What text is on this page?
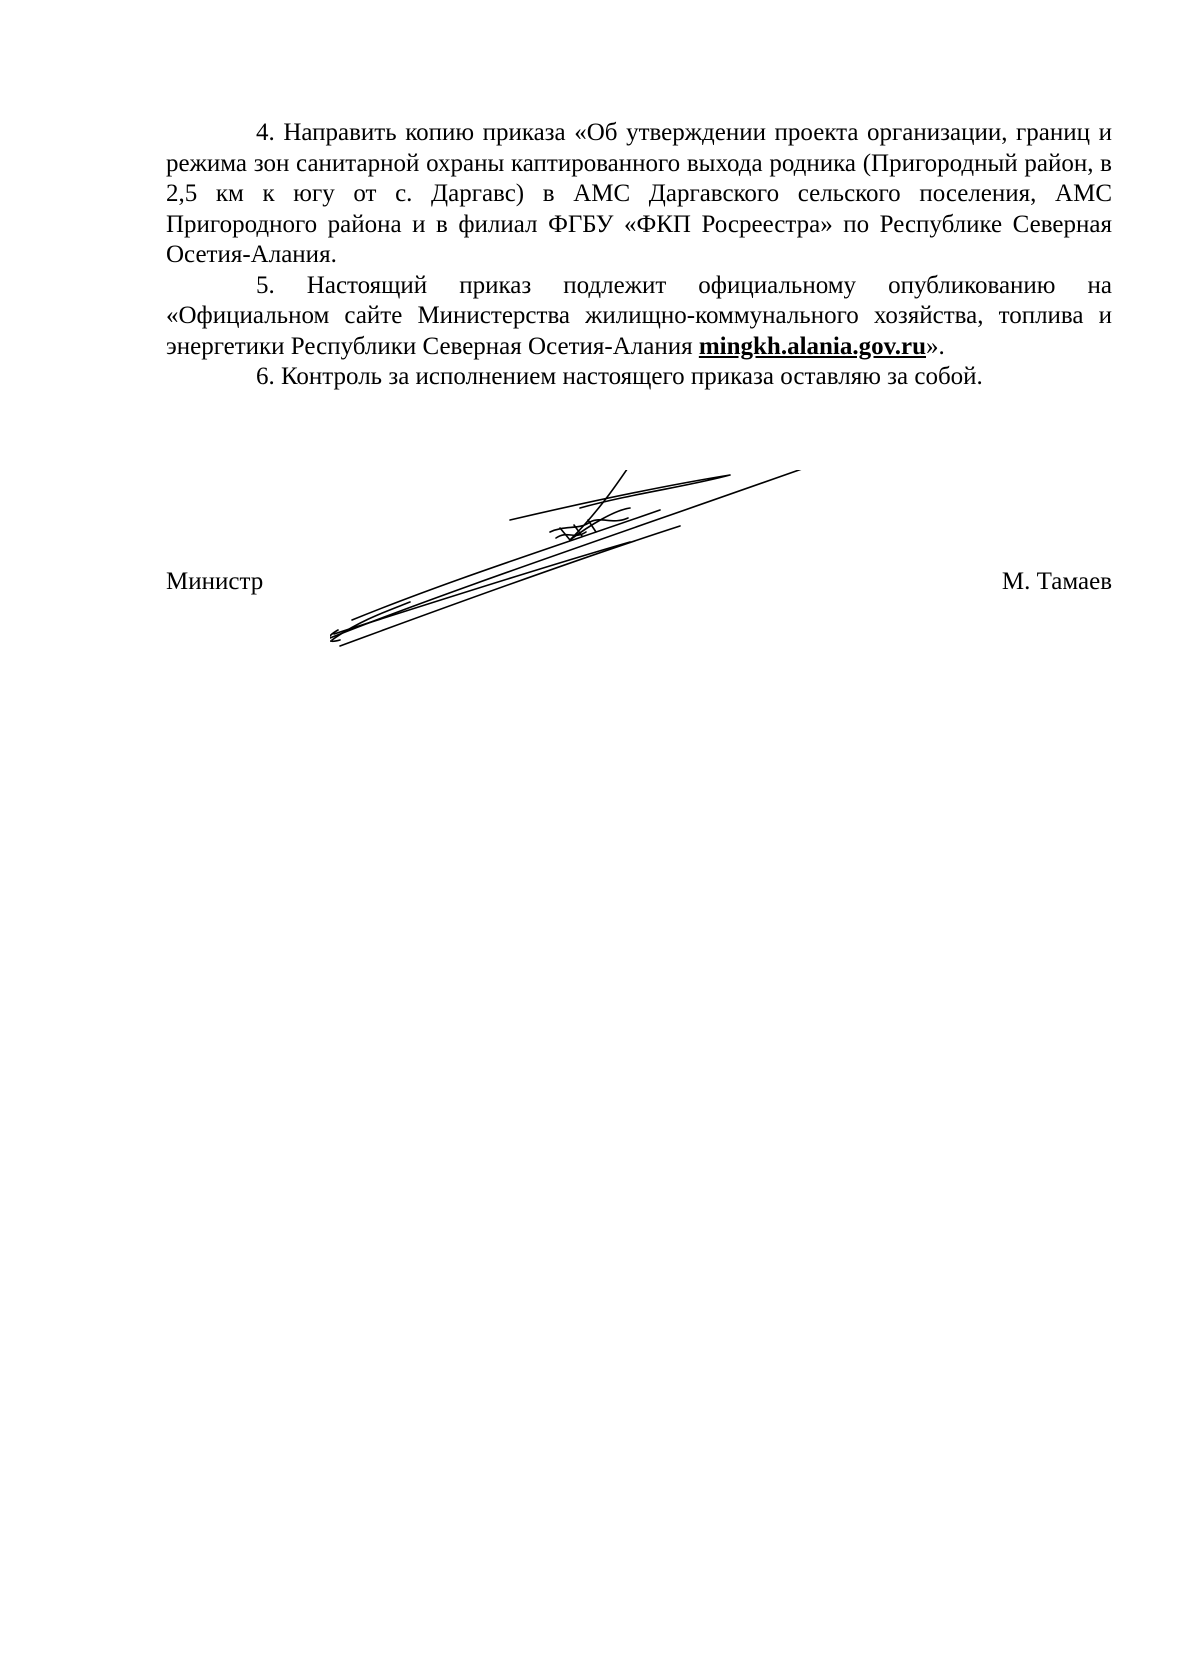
4. Направить копию приказа «Об утверждении проекта организации, границ и режима зон санитарной охраны каптированного выхода родника (Пригородный район, в 2,5 км к югу от с. Даргавс) в АМС Даргавского сельского поселения, АМС Пригородного района и в филиал ФГБУ «ФКП Росреестра» по Республике Северная Осетия-Алания.

5. Настоящий приказ подлежит официальному опубликованию на «Официальном сайте Министерства жилищно-коммунального хозяйства, топлива и энергетики Республики Северная Осетия-Алания mingkh.alania.gov.ru».

6. Контроль за исполнением настоящего приказа оставляю за собой.

Министр	М. Тамаев
